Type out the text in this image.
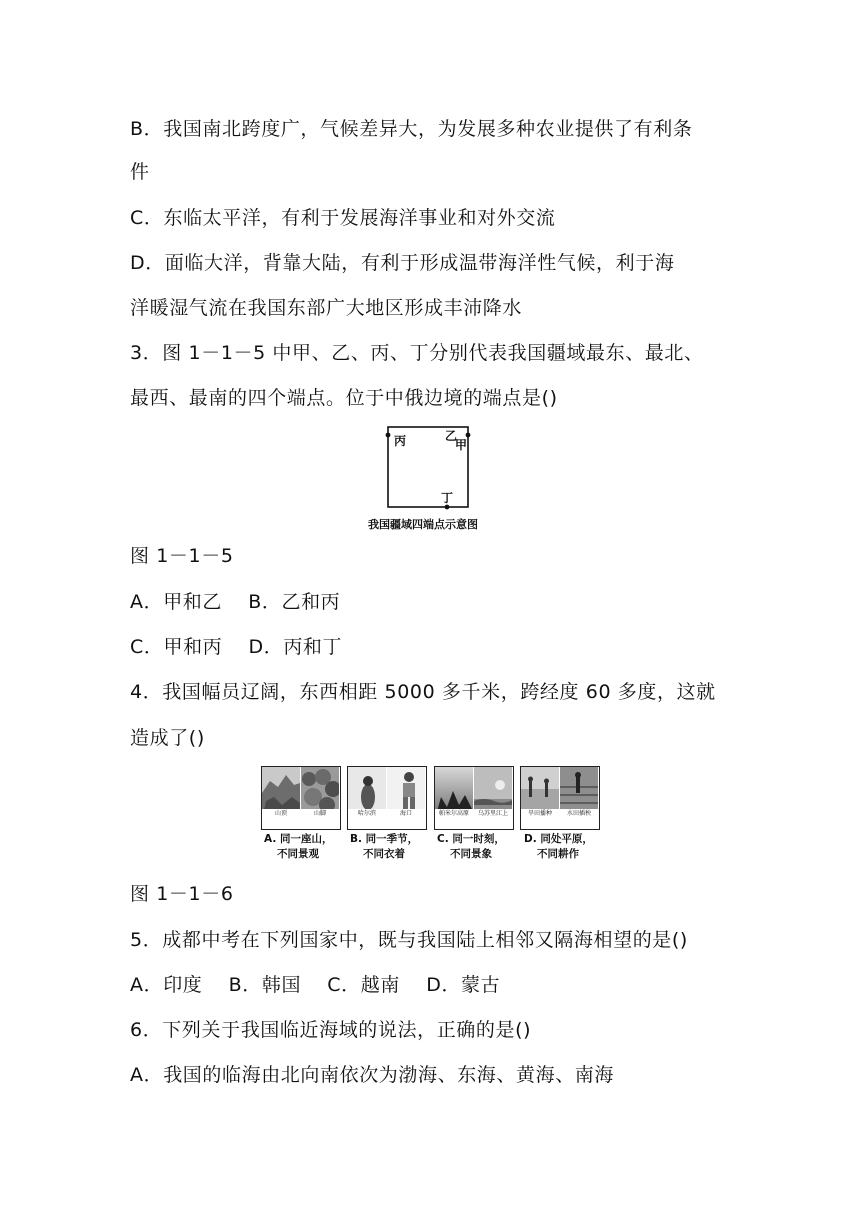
B．我国南北跨度广，气候差异大，为发展多种农业提供了有利条
件
C．东临太平洋，有利于发展海洋事业和对外交流
D．面临大洋，背靠大陆，有利于形成温带海洋性气候，利于海
洋暖湿气流在我国东部广大地区形成丰沛降水
3．图 1－1－5 中甲、乙、丙、丁分别代表我国疆域最东、最北、
最西、最南的四个端点。位于中俄边境的端点是()
丙	乙
甲
丁
我国疆域四端点示意图
图 1－1－5
A．甲和乙　 B．乙和丙
C．甲和丙　 D．丙和丁
4．我国幅员辽阔，东西相距 5000 多千米，跨经度 60 多度，这就
造成了()
山顶	山脚
A. 同一座山，
不同景观
哈尔滨	海口
B. 同一季节，
不同衣着
帕米尔高原	乌苏里江上
C. 同一时刻，
不同景象
旱田播种	水田插秧
D. 同处平原，
不同耕作
图 1－1－6
5．成都中考在下列国家中，既与我国陆上相邻又隔海相望的是()
A．印度　 B．韩国　 C．越南　 D．蒙古
6．下列关于我国临近海域的说法，正确的是()
A．我国的临海由北向南依次为渤海、东海、黄海、南海
